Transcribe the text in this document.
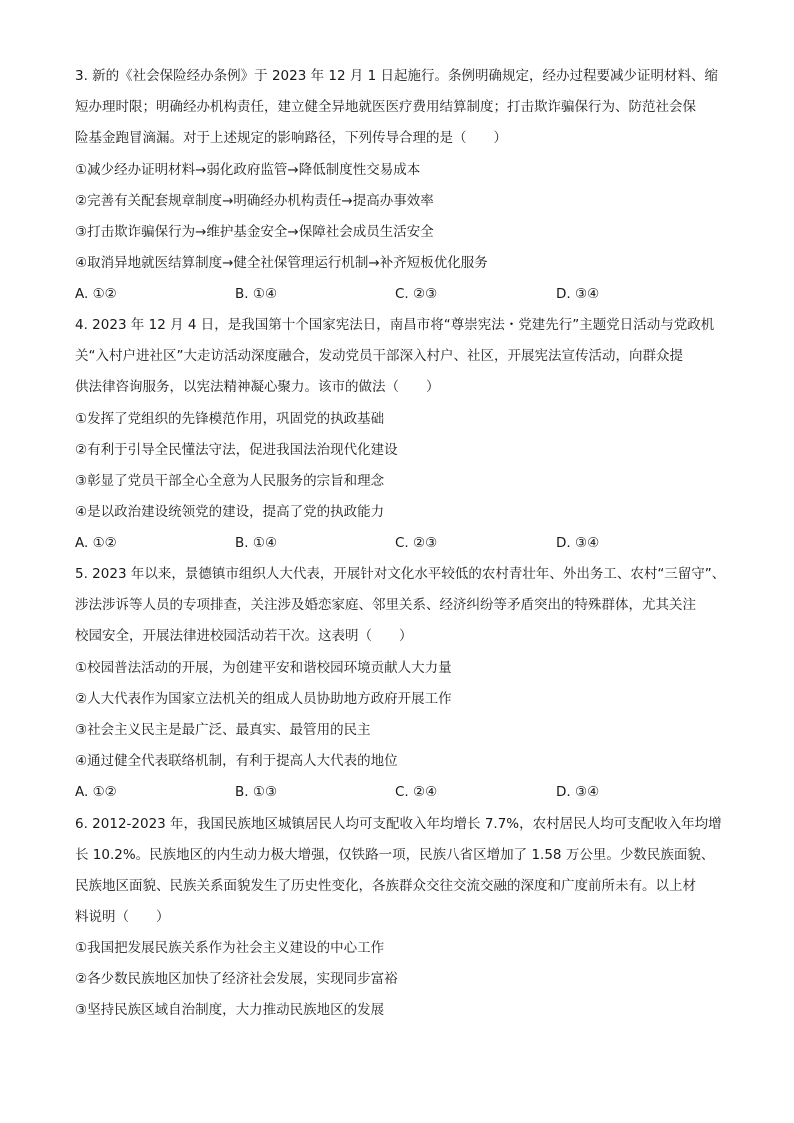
3. 新的《社会保险经办条例》于 2023 年 12 月 1 日起施行。条例明确规定，经办过程要减少证明材料、缩
短办理时限；明确经办机构责任，建立健全异地就医医疗费用结算制度；打击欺诈骗保行为、防范社会保
险基金跑冒滴漏。对于上述规定的影响路径，下列传导合理的是（　　）
①减少经办证明材料→弱化政府监管→降低制度性交易成本
②完善有关配套规章制度→明确经办机构责任→提高办事效率
③打击欺诈骗保行为→维护基金安全→保障社会成员生活安全
④取消异地就医结算制度→健全社保管理运行机制→补齐短板优化服务
A. ①②	B. ①④	C. ②③	D. ③④
4. 2023 年 12 月 4 日，是我国第十个国家宪法日，南昌市将“尊崇宪法・党建先行”主题党日活动与党政机
关“入村户进社区”大走访活动深度融合，发动党员干部深入村户、社区，开展宪法宣传活动，向群众提
供法律咨询服务，以宪法精神凝心聚力。该市的做法（　　）
①发挥了党组织的先锋模范作用，巩固党的执政基础
②有利于引导全民懂法守法，促进我国法治现代化建设
③彰显了党员干部全心全意为人民服务的宗旨和理念
④是以政治建设统领党的建设，提高了党的执政能力
A. ①②	B. ①④	C. ②③	D. ③④
5. 2023 年以来，景德镇市组织人大代表，开展针对文化水平较低的农村青壮年、外出务工、农村“三留守”、
涉法涉诉等人员的专项排查，关注涉及婚恋家庭、邻里关系、经济纠纷等矛盾突出的特殊群体，尤其关注
校园安全，开展法律进校园活动若干次。这表明（　　）
①校园普法活动的开展，为创建平安和谐校园环境贡献人大力量
②人大代表作为国家立法机关的组成人员协助地方政府开展工作
③社会主义民主是最广泛、最真实、最管用的民主
④通过健全代表联络机制，有利于提高人大代表的地位
A. ①②	B. ①③	C. ②④	D. ③④
6. 2012-2023 年，我国民族地区城镇居民人均可支配收入年均增长 7.7%，农村居民人均可支配收入年均增
长 10.2%。民族地区的内生动力极大增强，仅铁路一项，民族八省区增加了 1.58 万公里。少数民族面貌、
民族地区面貌、民族关系面貌发生了历史性变化，各族群众交往交流交融的深度和广度前所未有。以上材
料说明（　　）
①我国把发展民族关系作为社会主义建设的中心工作
②各少数民族地区加快了经济社会发展，实现同步富裕
③坚持民族区域自治制度，大力推动民族地区的发展
